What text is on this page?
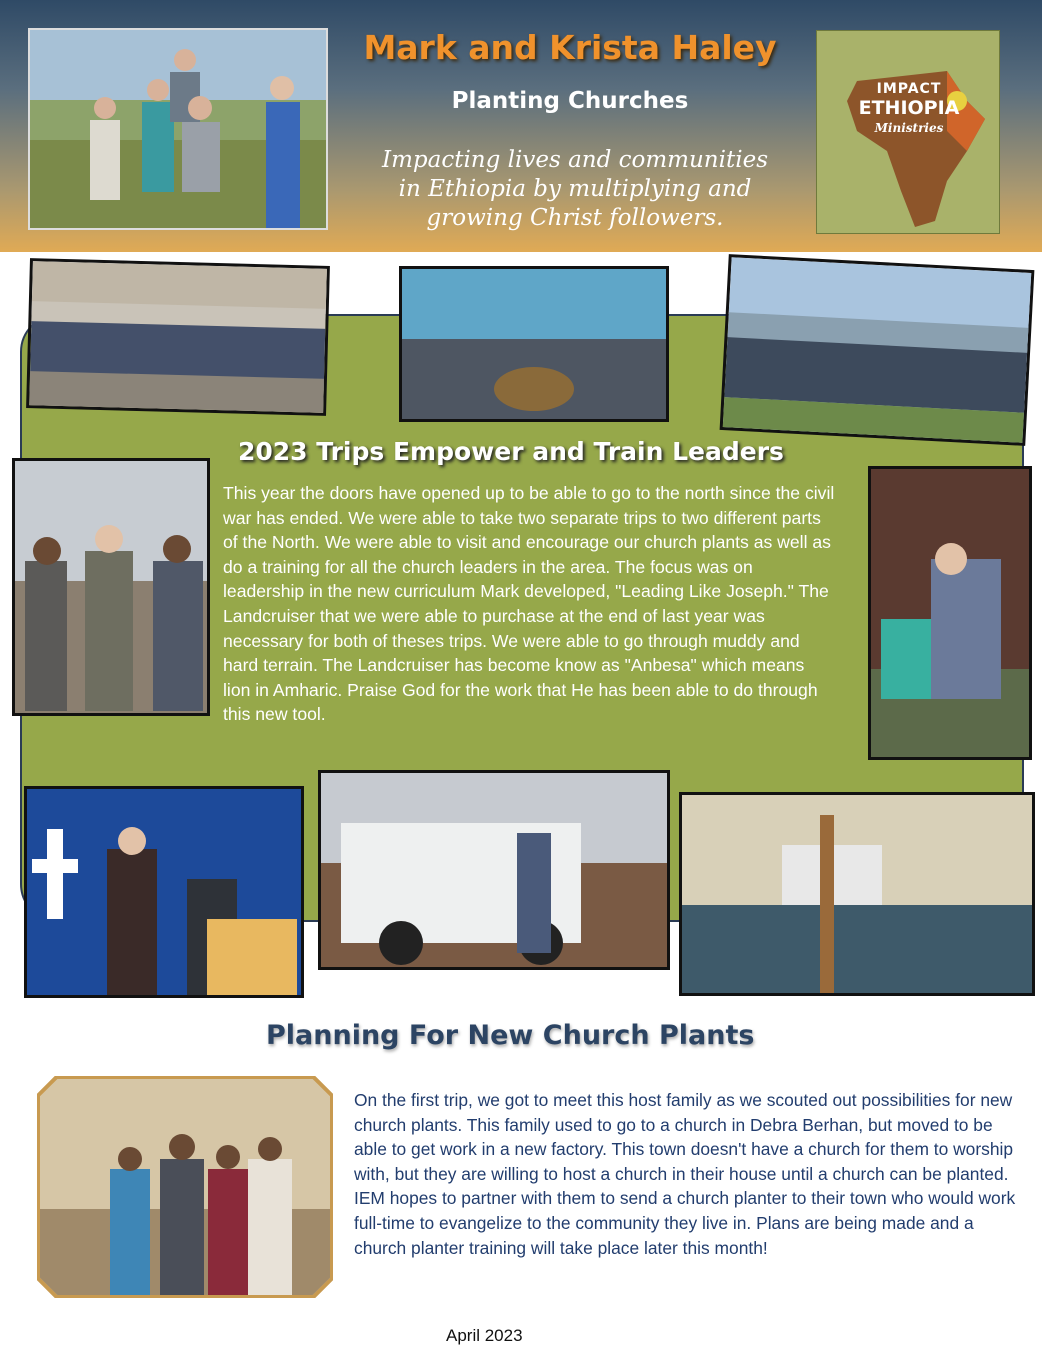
Mark and Krista Haley
Planting Churches
Impacting lives and communities
in Ethiopia by multiplying and
growing Christ followers.
IMPACT
ETHIOPIA
Ministries
2023 Trips Empower and Train Leaders
This year the doors have opened up to be able to go to the north since the civil war has ended. We were able to take two separate trips to two different parts of the North. We were able to visit and encourage our church plants as well as do a training for all the church leaders in the area. The focus was on leadership in the new curriculum Mark developed, "Leading Like Joseph." The Landcruiser that we were able to purchase at the end of last year was necessary for both of theses trips. We were able to go through muddy and hard terrain. The Landcruiser has become know as "Anbesa" which means lion in Amharic. Praise God for the work that He has been able to do through this new tool.
Planning For New Church Plants
On the first trip, we got to meet this host family as we scouted out possibilities for new church plants. This family used to go to a church in Debra Berhan, but moved to be able to get work in a new factory. This town doesn't have a church for them to worship with, but they are willing to host a church in their house until a church can be planted. IEM hopes to partner with them to send a church planter to their town who would work full-time to evangelize to the community they live in. Plans are being made and a church planter training will take place later this month!
April 2023
